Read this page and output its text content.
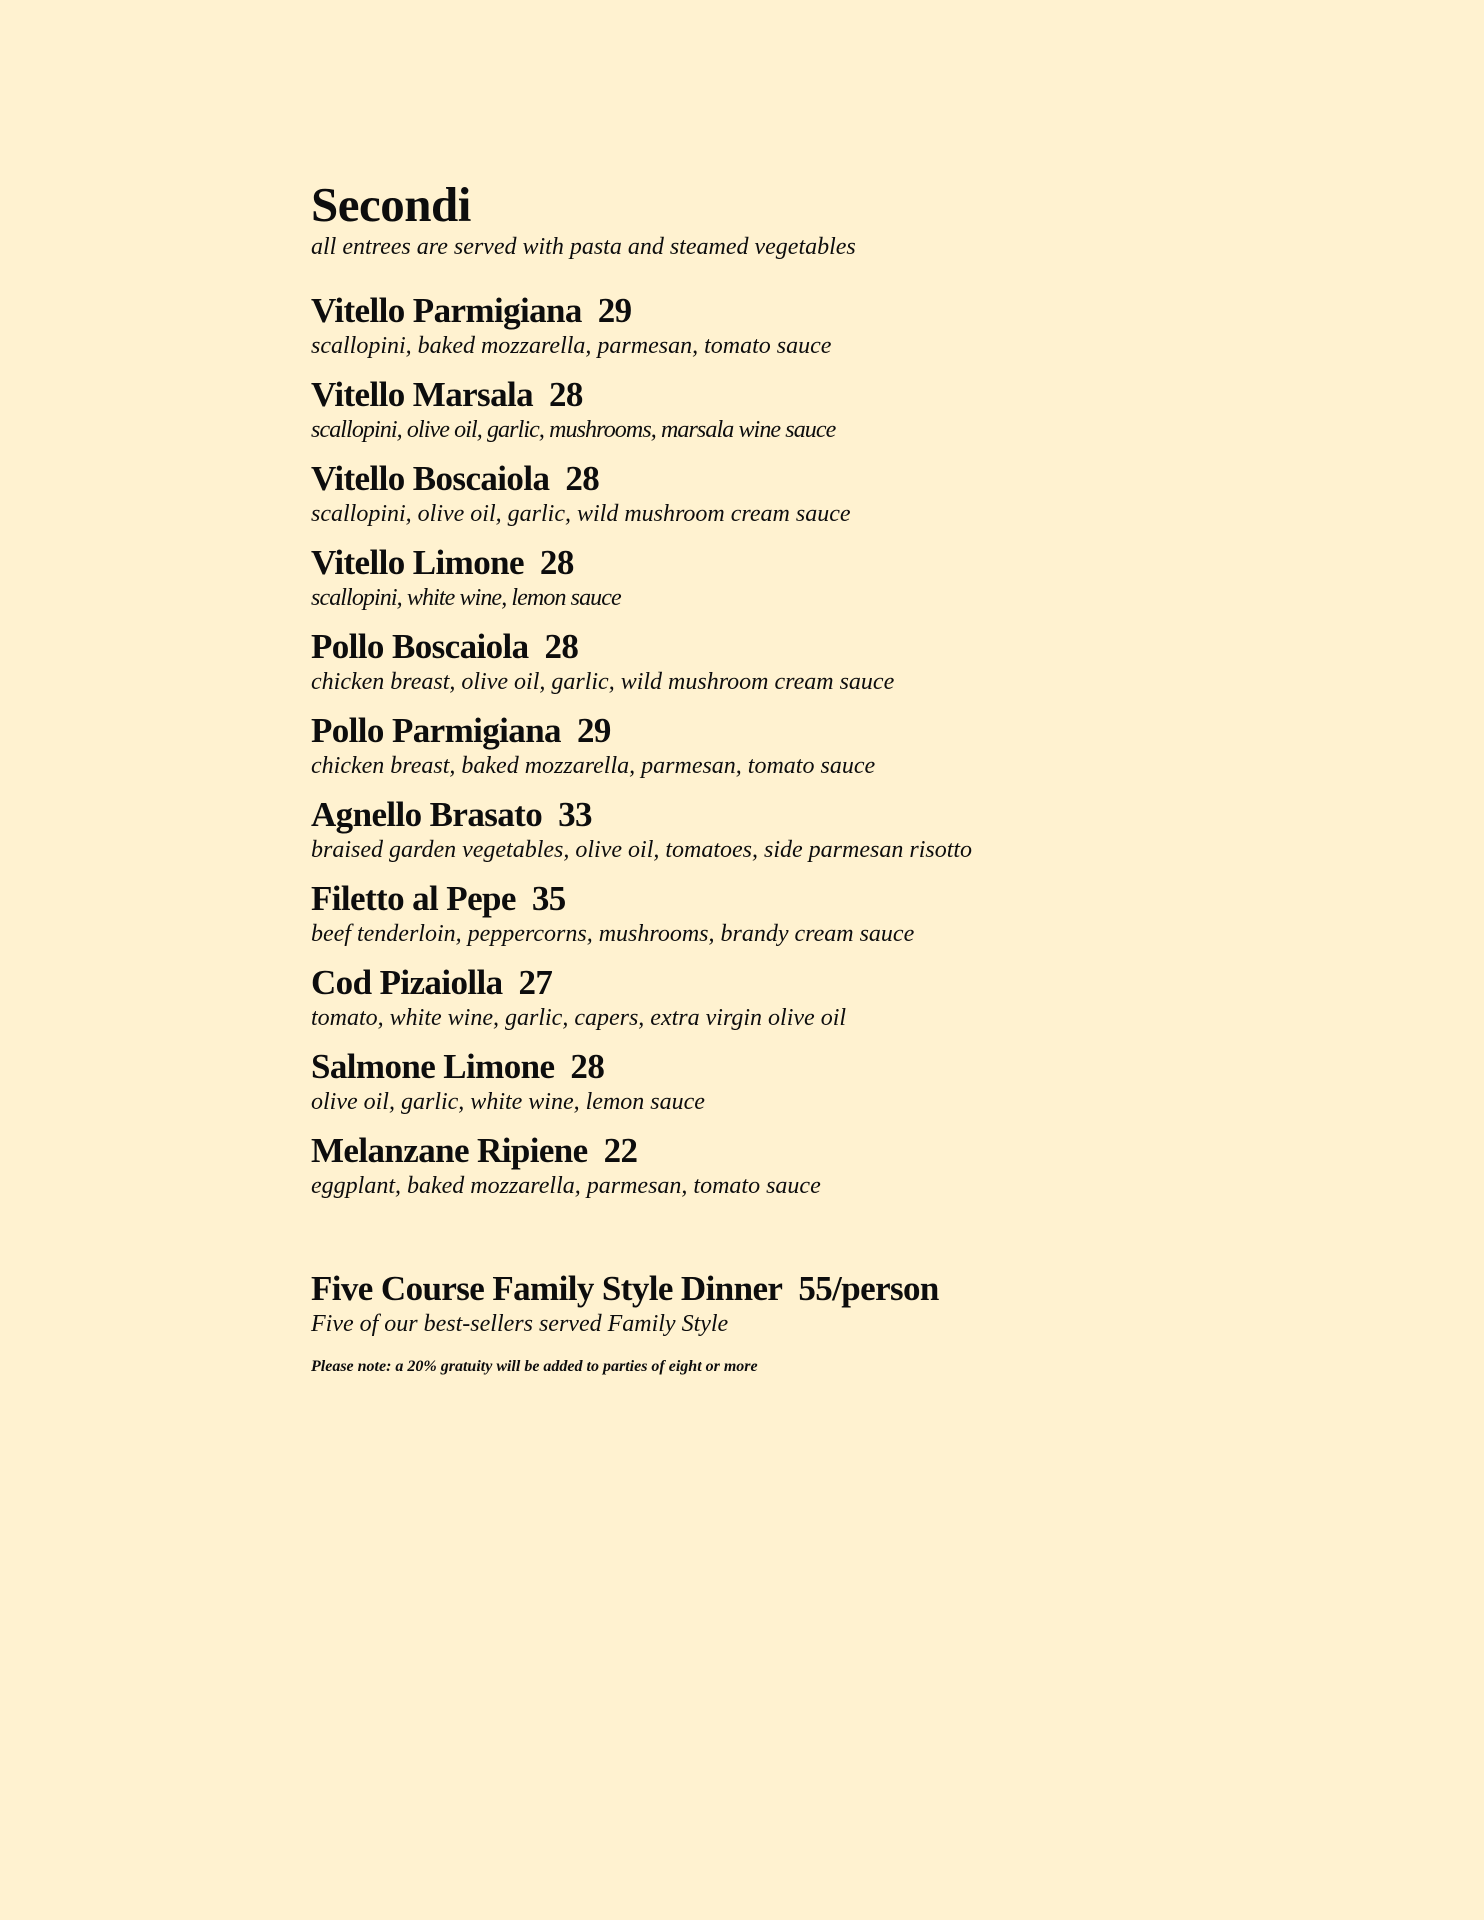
Secondi

all entrees are served with pasta and steamed vegetables

Vitello Parmigiana 29
scallopini, baked mozzarella, parmesan, tomato sauce
Vitello Marsala 28
scallopini, olive oil, garlic, mushrooms, marsala wine sauce
Vitello Boscaiola 28
scallopini, olive oil, garlic, wild mushroom cream sauce
Vitello Limone 28
scallopini, white wine, lemon sauce
Pollo Boscaiola 28
chicken breast, olive oil, garlic, wild mushroom cream sauce
Pollo Parmigiana 29
chicken breast, baked mozzarella, parmesan, tomato sauce
Agnello Brasato 33
braised garden vegetables, olive oil, tomatoes, side parmesan risotto
Filetto al Pepe 35
beef tenderloin, peppercorns, mushrooms, brandy cream sauce
Cod Pizaiolla 27
tomato, white wine, garlic, capers, extra virgin olive oil
Salmone Limone 28
olive oil, garlic, white wine, lemon sauce
Melanzane Ripiene 22
eggplant, baked mozzarella, parmesan, tomato sauce
Five Course Family Style Dinner 55/person
Five of our best-sellers served Family Style
Please note: a 20% gratuity will be added to parties of eight or more
